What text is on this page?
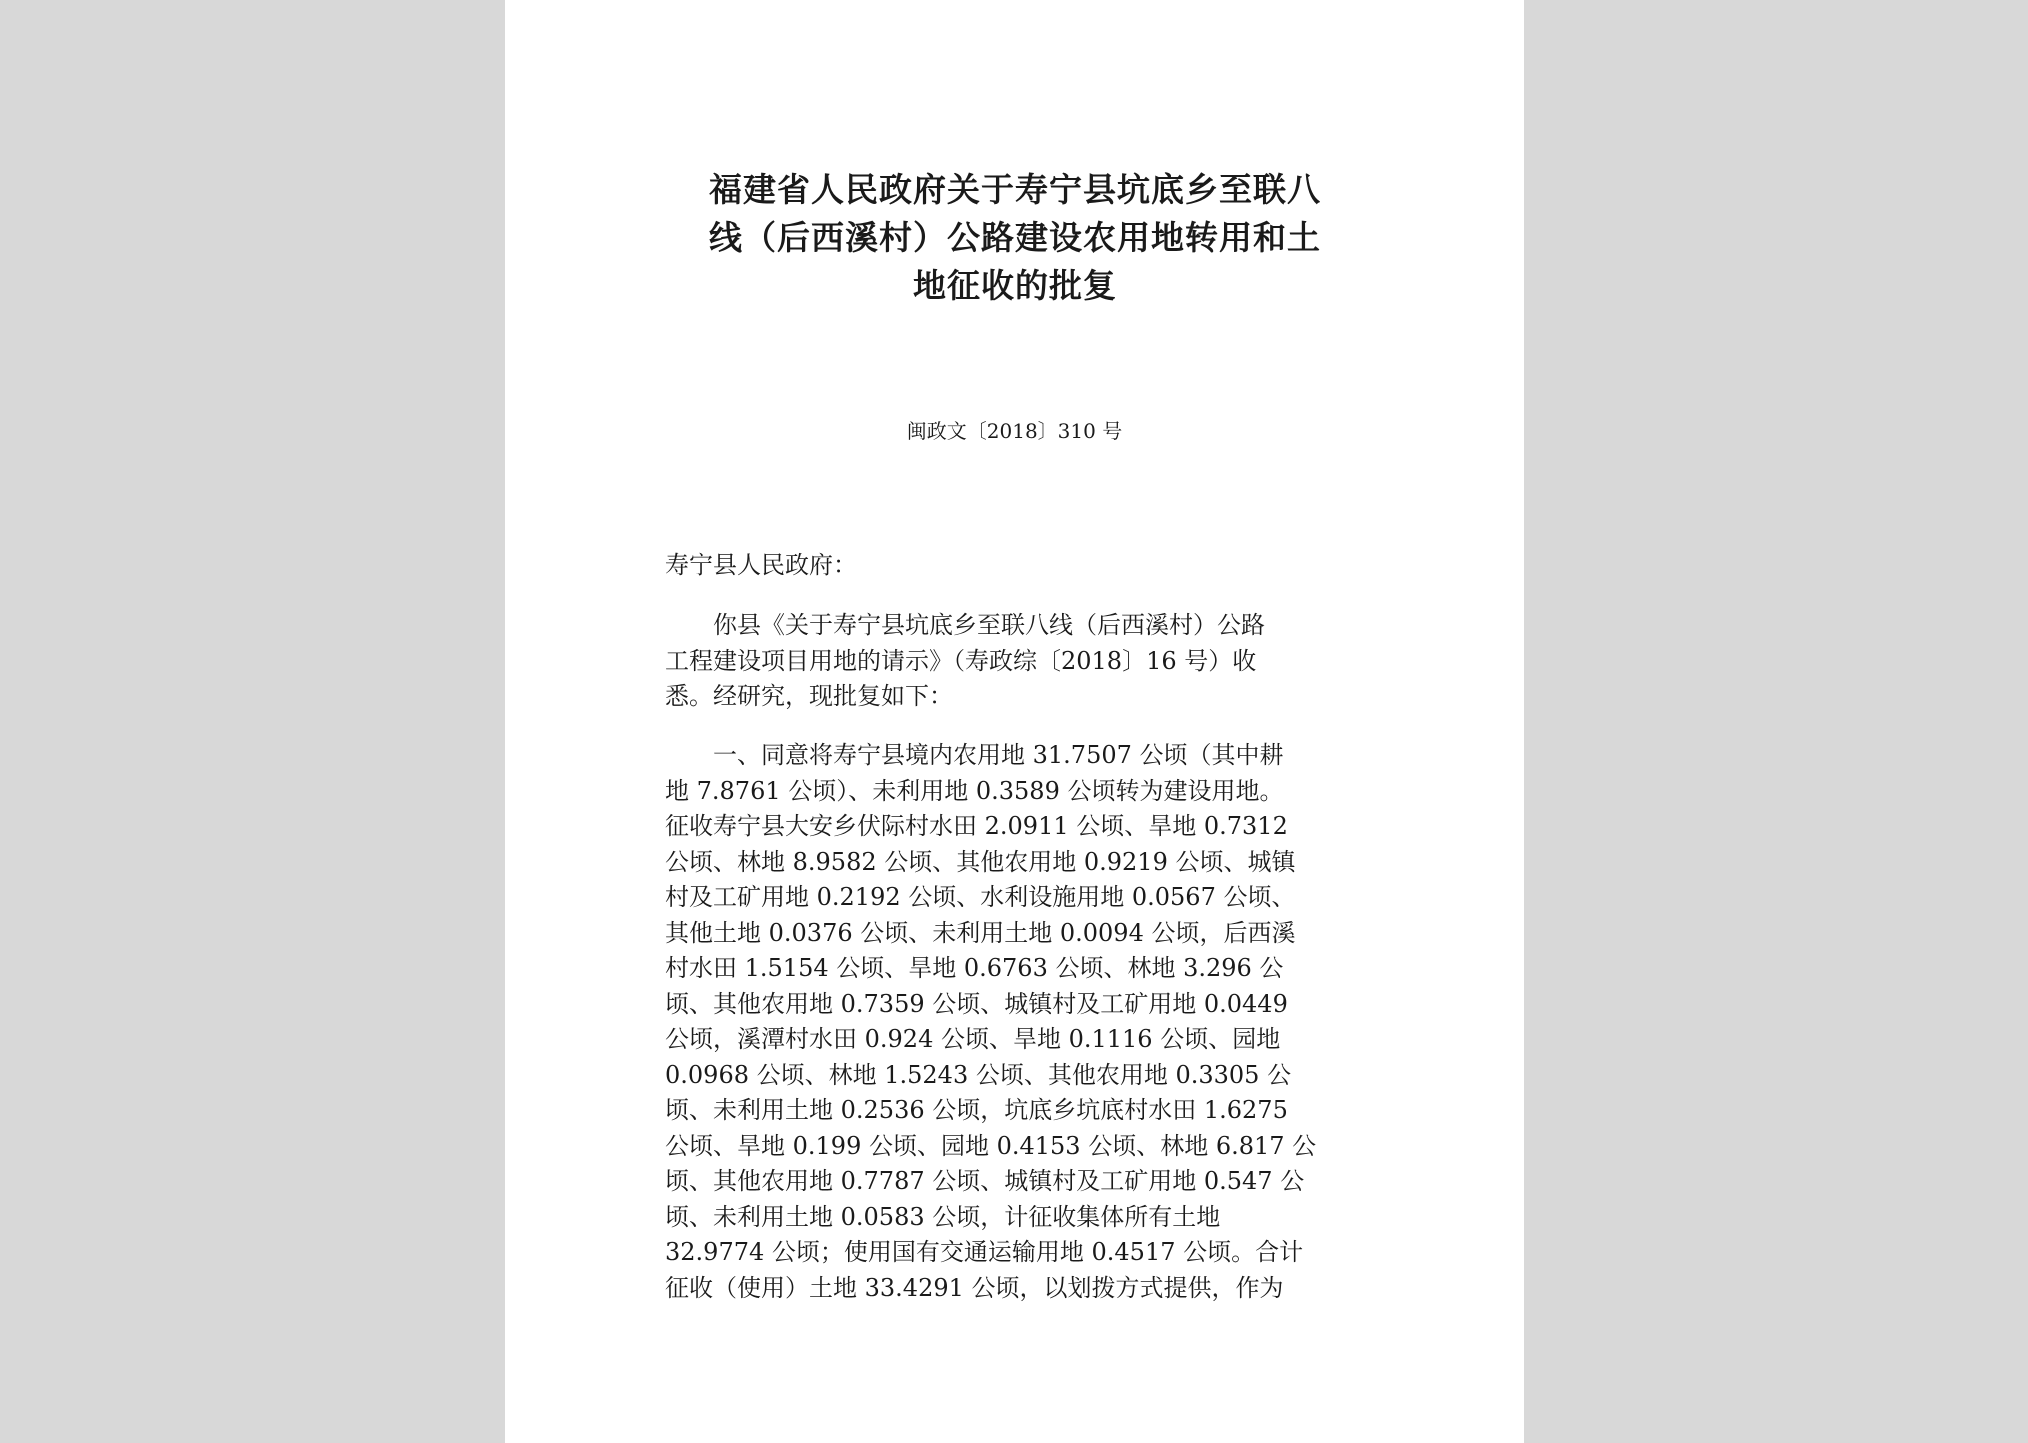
福建省人民政府关于寿宁县坑底乡至联八
线（后西溪村）公路建设农用地转用和土
地征收的批复
闽政文〔2018〕310 号
寿宁县人民政府：
　　你县《关于寿宁县坑底乡至联八线（后西溪村）公路
工程建设项目用地的请示》（寿政综〔2018〕16 号）收
悉。经研究，现批复如下：
　　一、同意将寿宁县境内农用地 31.7507 公顷（其中耕
地 7.8761 公顷）、未利用地 0.3589 公顷转为建设用地。
征收寿宁县大安乡伏际村水田 2.0911 公顷、旱地 0.7312
公顷、林地 8.9582 公顷、其他农用地 0.9219 公顷、城镇
村及工矿用地 0.2192 公顷、水利设施用地 0.0567 公顷、
其他土地 0.0376 公顷、未利用土地 0.0094 公顷，后西溪
村水田 1.5154 公顷、旱地 0.6763 公顷、林地 3.296 公
顷、其他农用地 0.7359 公顷、城镇村及工矿用地 0.0449
公顷，溪潭村水田 0.924 公顷、旱地 0.1116 公顷、园地
0.0968 公顷、林地 1.5243 公顷、其他农用地 0.3305 公
顷、未利用土地 0.2536 公顷，坑底乡坑底村水田 1.6275
公顷、旱地 0.199 公顷、园地 0.4153 公顷、林地 6.817 公
顷、其他农用地 0.7787 公顷、城镇村及工矿用地 0.547 公
顷、未利用土地 0.0583 公顷，计征收集体所有土地
32.9774 公顷；使用国有交通运输用地 0.4517 公顷。合计
征收（使用）土地 33.4291 公顷，以划拨方式提供，作为
